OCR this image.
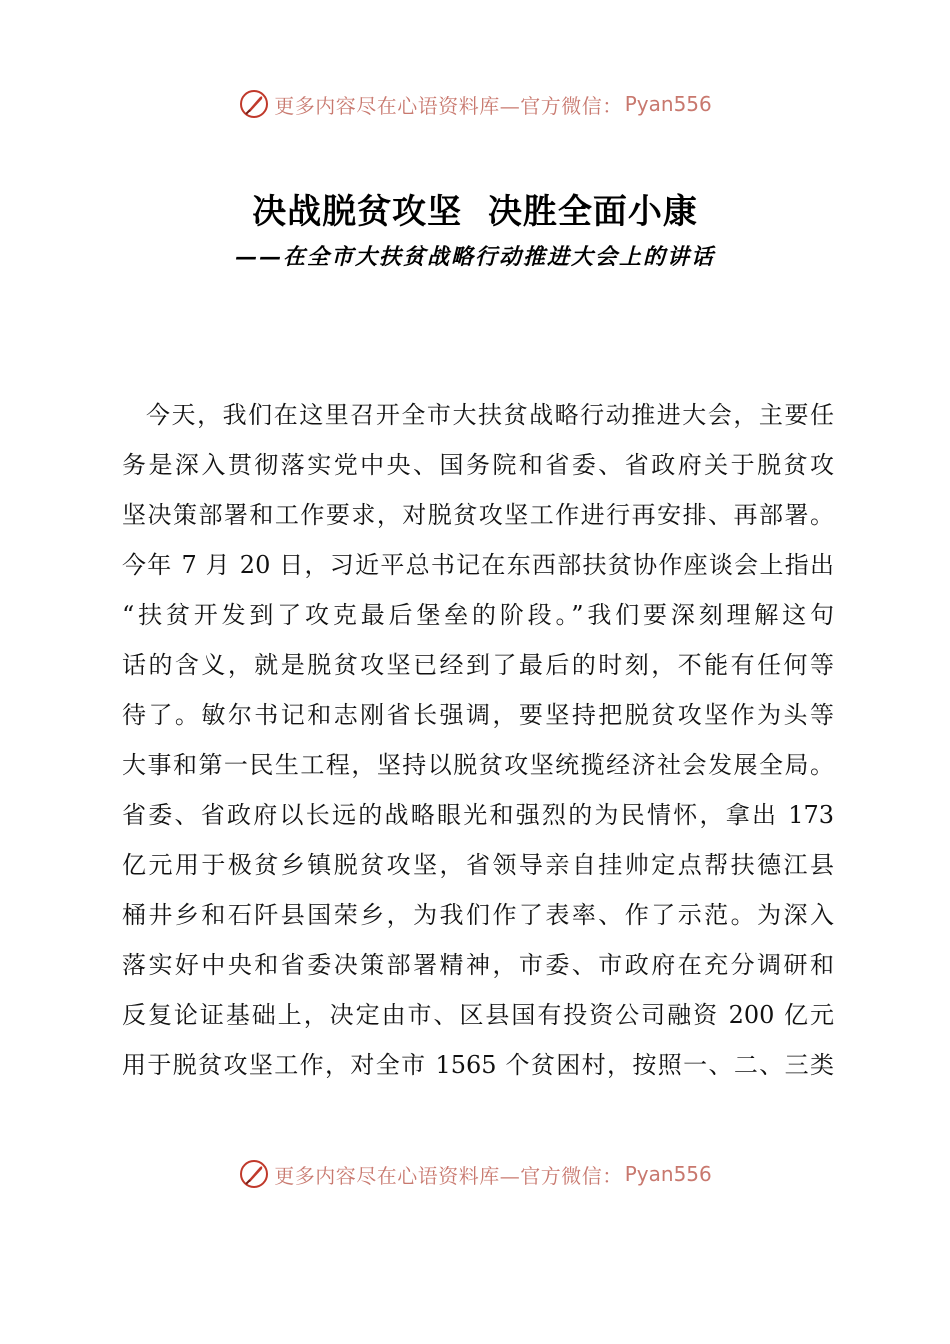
更多内容尽在心语资料库—官方微信： Pyan556
决战脱贫攻坚  决胜全面小康
——在全市大扶贫战略行动推进大会上的讲话
今天，我们在这里召开全市大扶贫战略行动推进大会，主要任
务是深入贯彻落实党中央、国务院和省委、省政府关于脱贫攻
坚决策部署和工作要求，对脱贫攻坚工作进行再安排、再部署。
今年 7 月 20 日，习近平总书记在东西部扶贫协作座谈会上指出
“扶贫开发到了攻克最后堡垒的阶段。”我们要深刻理解这句
话的含义，就是脱贫攻坚已经到了最后的时刻，不能有任何等
待了。敏尔书记和志刚省长强调，要坚持把脱贫攻坚作为头等
大事和第一民生工程，坚持以脱贫攻坚统揽经济社会发展全局。
省委、省政府以长远的战略眼光和强烈的为民情怀，拿出 173
亿元用于极贫乡镇脱贫攻坚，省领导亲自挂帅定点帮扶德江县
桶井乡和石阡县国荣乡，为我们作了表率、作了示范。为深入
落实好中央和省委决策部署精神，市委、市政府在充分调研和
反复论证基础上，决定由市、区县国有投资公司融资 200 亿元
用于脱贫攻坚工作，对全市 1565 个贫困村，按照一、二、三类
更多内容尽在心语资料库—官方微信： Pyan556
